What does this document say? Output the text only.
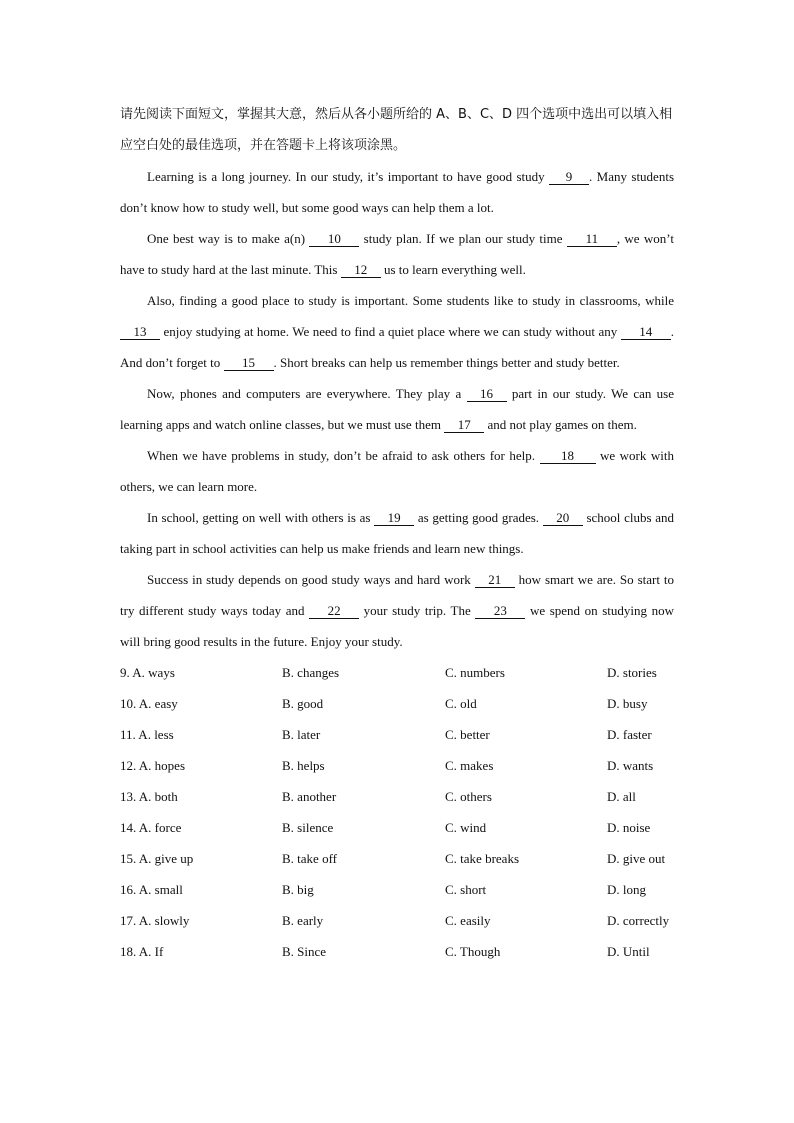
请先阅读下面短文，掌握其大意，然后从各小题所给的 A、B、C、D 四个选项中选出可以填入相应空白处的最佳选项，并在答题卡上将该项涂黑。

Learning is a long journey. In our study, it’s important to have good study 9 . Many students don’t know how to study well, but some good ways can help them a lot.

One best way is to make a(n) 10 study plan. If we plan our study time 11 , we won’t have to study hard at the last minute. This 12 us to learn everything well.

Also, finding a good place to study is important. Some students like to study in classrooms, while 13 enjoy studying at home. We need to find a quiet place where we can study without any 14 . And don’t forget to 15 . Short breaks can help us remember things better and study better.

Now, phones and computers are everywhere. They play a 16 part in our study. We can use learning apps and watch online classes, but we must use them 17 and not play games on them.

When we have problems in study, don’t be afraid to ask others for help. 18 we work with others, we can learn more.

In school, getting on well with others is as 19 as getting good grades. 20 school clubs and taking part in school activities can help us make friends and learn new things.

Success in study depends on good study ways and hard work 21 how smart we are. So start to try different study ways today and 22 your study trip. The 23 we spend on studying now will bring good results in the future. Enjoy your study.

9. A. ways	B. changes	C. numbers	D. stories
10. A. easy	B. good	C. old	D. busy
11. A. less	B. later	C. better	D. faster
12. A. hopes	B. helps	C. makes	D. wants
13. A. both	B. another	C. others	D. all
14. A. force	B. silence	C. wind	D. noise
15. A. give up	B. take off	C. take breaks	D. give out
16. A. small	B. big	C. short	D. long
17. A. slowly	B. early	C. easily	D. correctly
18. A. If	B. Since	C. Though	D. Until
